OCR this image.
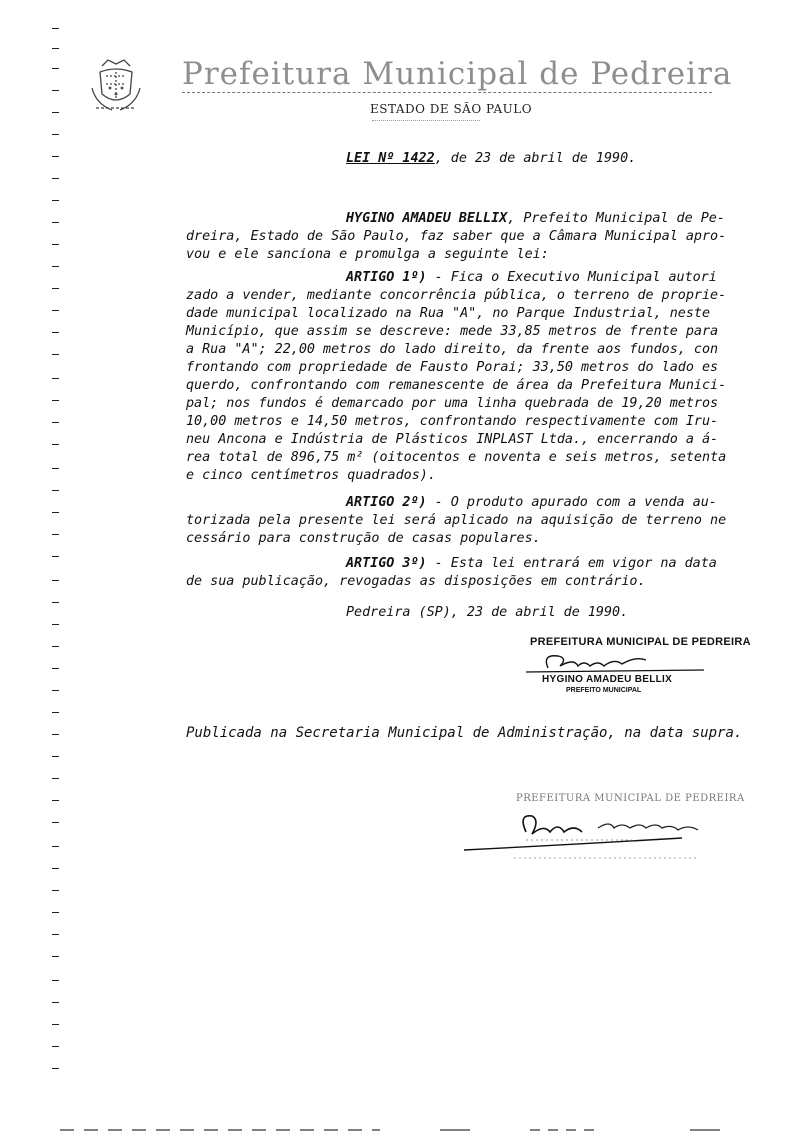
Prefeitura Municipal de Pedreira
ESTADO DE SÃO PAULO
LEI Nº 1422, de 23 de abril de 1990.
HYGINO AMADEU BELLIX, Prefeito Municipal de Pe-
dreira, Estado de São Paulo, faz saber que a Câmara Municipal apro-
vou e ele sanciona e promulga a seguinte lei:
ARTIGO 1º) - Fica o Executivo Municipal autori
zado a vender, mediante concorrência pública, o terreno de proprie-
dade municipal localizado na Rua "A", no Parque Industrial, neste
Município, que assim se descreve: mede 33,85 metros de frente para
a Rua "A"; 22,00 metros do lado direito, da frente aos fundos, con
frontando com propriedade de Fausto Porai; 33,50 metros do lado es
querdo, confrontando com remanescente de área da Prefeitura Munici-
pal; nos fundos é demarcado por uma linha quebrada de 19,20 metros
10,00 metros e 14,50 metros, confrontando respectivamente com Iru-
neu Ancona e Indústria de Plásticos INPLAST Ltda., encerrando a á-
rea total de 896,75 m² (oitocentos e noventa e seis metros, setenta
e cinco centímetros quadrados).
ARTIGO 2º) - O produto apurado com a venda au-
torizada pela presente lei será aplicado na aquisição de terreno ne
cessário para construção de casas populares.
ARTIGO 3º) - Esta lei entrará em vigor na data
de sua publicação, revogadas as disposições em contrário.
Pedreira (SP), 23 de abril de 1990.
PREFEITURA MUNICIPAL DE PEDREIRA
HYGINO AMADEU BELLIX
PREFEITO MUNICIPAL
Publicada na Secretaria Municipal de Administração, na data supra.
PREFEITURA MUNICIPAL DE PEDREIRA
